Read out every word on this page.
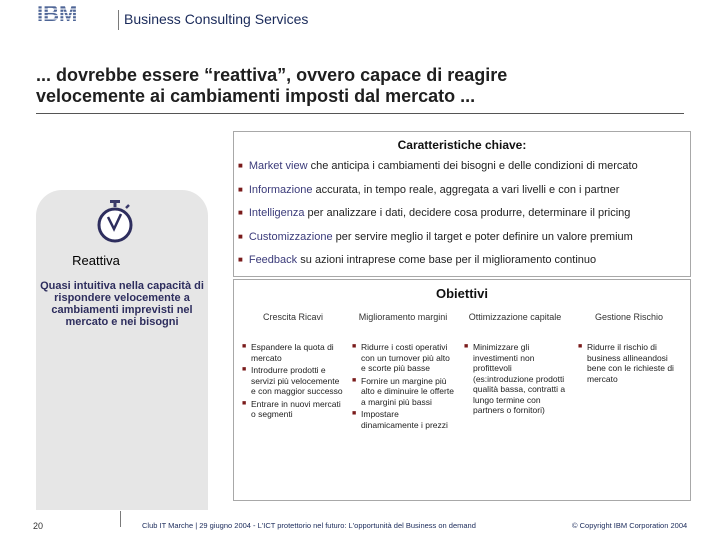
IBM	Business Consulting Services
... dovrebbe essere “reattiva”, ovvero capace di reagire
velocemente ai cambiamenti imposti dal mercato ...
Reattiva
Quasi intuitiva nella capacità di rispondere velocemente a cambiamenti imprevisti nel mercato e nei bisogni
Caratteristiche chiave:
■ Market view che anticipa i cambiamenti dei bisogni e delle condizioni di mercato
■ Informazione accurata, in tempo reale, aggregata a vari livelli e con i partner
■ Intelligenza per analizzare i dati, decidere cosa produrre, determinare il pricing
■ Customizzazione per servire meglio il target e poter definire un valore premium
■ Feedback su azioni intraprese come base per il miglioramento continuo
Obiettivi
Crescita Ricavi
■ Espandere la quota di mercato
■ Introdurre prodotti e servizi più velocemente e con maggior successo
■ Entrare in nuovi mercati o segmenti
Miglioramento margini
■ Ridurre i costi operativi con un turnover più alto e scorte più basse
■ Fornire un margine più alto e diminuire le offerte a margini più bassi
■ Impostare dinamicamente i prezzi
Ottimizzazione capitale
■ Minimizzare gli investimenti non profittevoli (es:introduzione prodotti qualità bassa, contratti a lungo termine con partners o fornitori)
Gestione Rischio
■ Ridurre il rischio di business allineandosi bene con le richieste di mercato
20	Club IT Marche | 29 giugno 2004 - L'ICT protettorio nel futuro: L'opportunità del Business on demand	© Copyright IBM Corporation 2004
